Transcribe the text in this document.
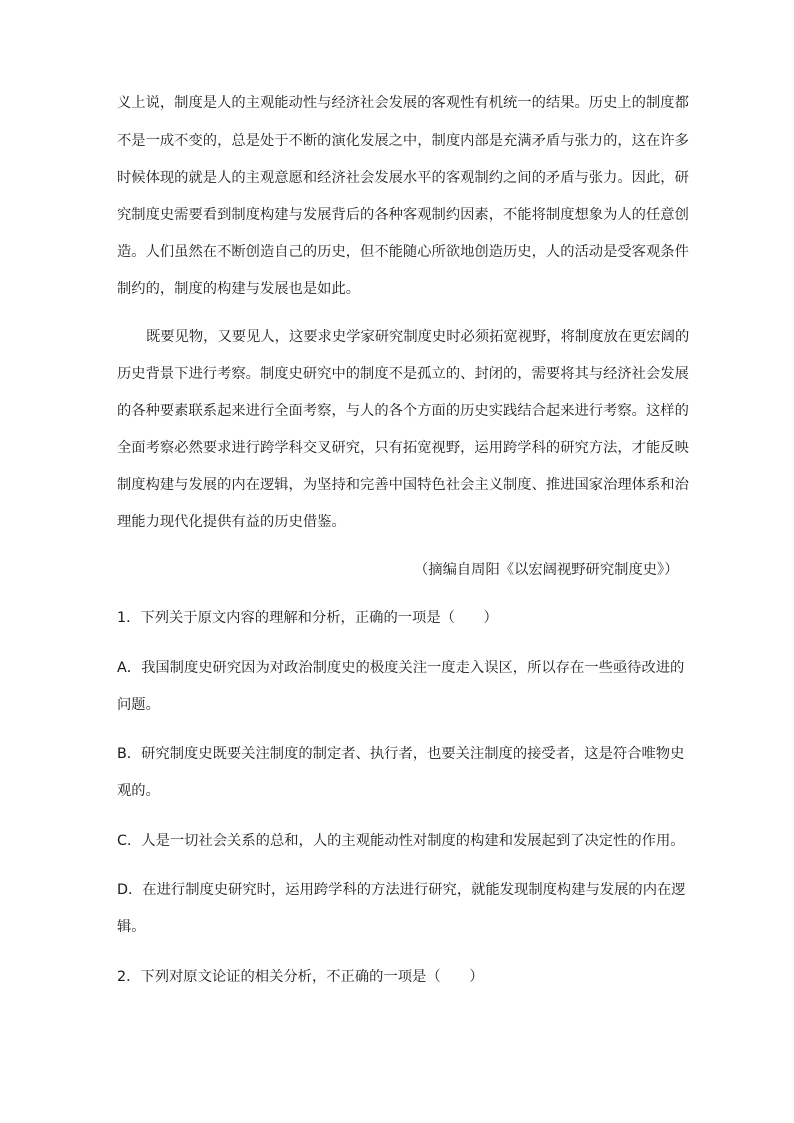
义上说，制度是人的主观能动性与经济社会发展的客观性有机统一的结果。历史上的制度都
不是一成不变的，总是处于不断的演化发展之中，制度内部是充满矛盾与张力的，这在许多
时候体现的就是人的主观意愿和经济社会发展水平的客观制约之间的矛盾与张力。因此，研
究制度史需要看到制度构建与发展背后的各种客观制约因素，不能将制度想象为人的任意创
造。人们虽然在不断创造自己的历史，但不能随心所欲地创造历史，人的活动是受客观条件
制约的，制度的构建与发展也是如此。
既要见物，又要见人，这要求史学家研究制度史时必须拓宽视野，将制度放在更宏阔的
历史背景下进行考察。制度史研究中的制度不是孤立的、封闭的，需要将其与经济社会发展
的各种要素联系起来进行全面考察，与人的各个方面的历史实践结合起来进行考察。这样的
全面考察必然要求进行跨学科交叉研究，只有拓宽视野，运用跨学科的研究方法，才能反映
制度构建与发展的内在逻辑，为坚持和完善中国特色社会主义制度、推进国家治理体系和治
理能力现代化提供有益的历史借鉴。
（摘编自周阳《以宏阔视野研究制度史》）
1．下列关于原文内容的理解和分析，正确的一项是（　　）
A．我国制度史研究因为对政治制度史的极度关注一度走入误区，所以存在一些亟待改进的
问题。
B．研究制度史既要关注制度的制定者、执行者，也要关注制度的接受者，这是符合唯物史
观的。
C．人是一切社会关系的总和，人的主观能动性对制度的构建和发展起到了决定性的作用。
D．在进行制度史研究时，运用跨学科的方法进行研究，就能发现制度构建与发展的内在逻
辑。
2．下列对原文论证的相关分析，不正确的一项是（　　）
